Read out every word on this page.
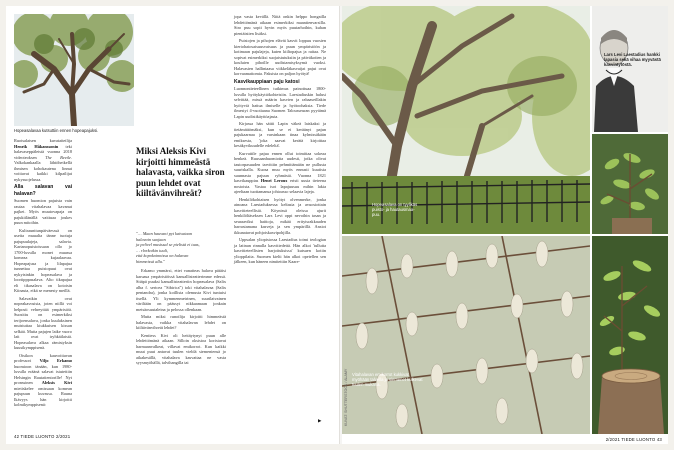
Hopeasalavaa kutsuttiin ennen hopeapajuksi.

Ruotsalaisen kuvataiteilija Henrik Håkanssonin teki halavaseppäleistä vuonna 2018 videoteoksen The Beetle. Valkokankaalla lähtöhetkellä ihmisen kohokautena linnut voittavat kaikki kilpailijat nykysuojelussa.

Alla salavan vai halavan?

Suomen huomion pajuista vain rautaa vitahalavaa kavanut pajkei. Myös muutovapaja on pajukiilänällä vaittuaa joukes puun mitoihin.

Kultraunttunpäiväesssä on useita muualta tänne tuotuja pajupuulajeja, salavia. Kartanopuistoissaan ollo jo 1700-luvulla monet muassa komeaa kujaalaavaa. Hopeapajusa ja lilapajua tunnettaa puistopuut ovat nykyisinkin hopeasalava ja loortipppasalava. Alto tikapajua eli tikasalava on kotoisin Kiinasta, eikä se menesty meillä.

Salavatkin ovat nopeakasvuisia, joten niillä voi helposti vehreyttää ympäristöä. Suosittu on esimerkiksi terijoensalava, jonka kuulaksinen muistuttaa kiukkuisen kissan selkää. Mutta pajujen laike vuoro lait ovat iryhkäilaistä. Hopeasalava alkaa rämistyksin kuusikymppisenä.

Otsikon kauvoittavan professori Viljo Erkamo huomioon tänään, kun 1980-luvulla eräänä salavat istutettiin Helsingin Rautatientorille! Nyt pronssinen Aleksis Kivi mietiskelee omissaan komean pajupuun kuvassa. Rauna Ikävyys hän kirjoitti kolmikymppisenä:

Miksi Aleksis Kivi kirjoitti himmeästä halavasta, vaikka siron puun lehdet ovat kiiltävänvihreät?
"… Maan hauvani pyt kaivataan
halavain suojaan
ja pelivel musissal se pielistä ei tuas,
… rlorkotkin tuuli,
että kopokoinnissa on halavan
himmeissä alla."

Erkamo ymmärsi, ettei vanatteas halava pätäisi karuasa ympäristöissä kansallisteatterimme edessä. Sitäpä puuksi kansallisteatteriin hopeasalava (Salix alba f. sericea "Sibirica") toki vitahalavaa (Salix pentandra), jonka koillista olemusta Kivi tuntuisi itsellä. Yli kymmenmetrinen, suurilatvainen väriltään on päässyt nikkaamaan jonkain metsäosuutaleina ja pelossa ollenkaan.

Mutta miksi runoilija kirjoitti himmeästä halavasta, vaikka vitahalavan lehdet on kiiltävänvihreät lehdet?

Kentiess Kivi oli heitäytynyt puun alle lehdettömänä aikaan. Silloin oksistoa koristavat harmaanvalkeat, villavat emikorrot. Kun kaikki muut puut antavat tuulen vieldä siemeniensä jo aikakesällä, vitahalava kasvattaa ne vasta syysmyöhällä, talvihangilla tai

jopa vasta kevällä. Niitä onkin helppo hongailla lehdettömänä aikaan esimerkiksi maantienvarsilla. Siro puu sopii hyvin myös puutarhoihin, kuhan pientäistien lisäksi.

Puistojen ja pihojen elävät kasvit loppuu vuosien kiertohaiosaisuusvaisuus ja puun ympäristöön ja kotimaan pajulajeja, kuten kiiltopajua ja raitaa. Ne sopivat esimerkiksi suojaistutuksiin ja päiväkotien ja kouluien pihoille uudistamisyksymä vuoksi. Halavasien hallintaasa viikkeläkasvaijat pajut ovat korvaamattomia. Paksista on paljon hyötyä!

Kasvikauppiaan paju katosi

Luonnontieteellinen tutkimus painottuaa 1800-luvulla hyötykäyttökohteisiin. Laestadiuskin halusi selvittää, missä määrin kasvien ja rabaaseillakin hyötyviä hattua ilmiselle ja hyötoohaksia. Tiede ilmestyi 4-vuotiaana Suomen Talousseuran pyytämä Lapin uudistikäyttöajasta.

Kirjassa hän sättii Lapin väkeä laiskaksi ja tietämättömäksi, kun se ei keräänyt pajun pajukaarnaa ja varsinkaan tinaa kylmissäkään emiksesta, 'joka saavat kerätä kirjoittaa kesäkyvikuudelle edeleltä'.

Kurvattile pajua ennen ollut toimittaa sokeaa henkeä. Ruusaanhuomiotta uudesti, jotka olivat tautorpasuuden tarvittiin pehmittämään ne pullusta suuriskalla. Kuosa muu myös ennusti kuutista suunnasta pajuun ryhmästä. Vuonna 1821 kasvikauppias Henri Leroux eristi uusia tieteena nostoista. Vastaa isot lapajuusuu mihin lakia ajeeltaan tuottamansa johtoasso selaavia lajeja.

Henkilökohtaisen hyötyt olvenmerke, jonka ainoana Laestaduksessa keltasia ja avuosiottain kasvitieteellisiä. Köynissä oleissa ajurit henkilöltäseksen Lars Levi oppi nevoihin tasan ja seuraaviksi haittoja, mikää erityisrakkauden harrastamana kasveja ja sen ympärillä. Ansiot ikkunatavat pohjoiskasvipohjilla.

Uppsalan yliopistossa Laestadius toimi teologian ja latinan rinnalla kasvitiedettä. Hän alkoi 'tullutta kasvitieteellisten harjoituksissa' kutsuen kotiin ylioppilaita. Suomen kielti hän alkoi opetellen sen jälkeen, kun häneen nimitettiin Kaare-

42 TIEDE LUONTO 2/2021
▶
Hopeasalava on tyylikäs puisto- ja hautausmaa-puu.
Lars Levi Laestadius hankki lapasia sekä vihaa myyvästä kasvintytöstä.
Vitahalavan emikorrot kukkivat myöhään talvella ja siemenet kulkevat tuulen mukana.
KUVAT: SHUTTERSTOCK / ALAMY
2/2021 TIEDE LUONTO 43
